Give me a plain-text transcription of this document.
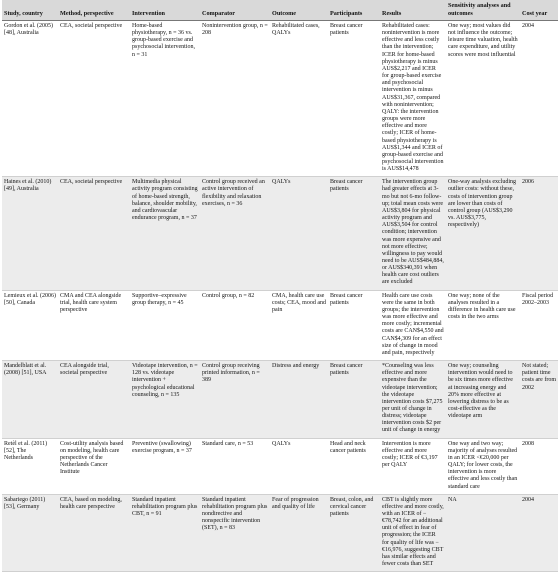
Study, country	Method, perspective	Intervention	Comparator	Outcome	Participants	Results	Sensitivity analyses and outcomes	Cost year
Gordon et al. (2005) [48], Australia	CEA, societal perspective	Home-based physiotherapy, n = 36 vs. group-based exercise and psychosocial intervention, n = 31	Nonintervention group, n = 208	Rehabilitated cases, QALYs	Breast cancer patients	Rehabilitated cases: nonintervention is more effective and less costly than the intervention; ICER for home-based physiotherapy is minus AUS$2,217 and ICER for group-based exercise and psychosocial intervention is minus AUS$31,367, compared with nonintervention; QALY: the intervention groups were more effective and more costly; ICER of home-based physiotherapy is AUS$1,344 and ICER of group-based exercise and psychosocial intervention is AUS$14,478	One way; most values did not influence the outcome; leisure time valuation, health care expenditure, and utility scores were most influential	2004
Haines et al. (2010) [49], Australia	CEA, societal perspective	Multimedia physical activity program consisting of home-based strength, balance, shoulder mobility, and cardiovascular endurance program, n = 37	Control group received an active intervention of flexibility and relaxation exercises, n = 36	QALYs	Breast cancer patients	The intervention group had greater effects at 3-mo but not 6-mo follow-up; total mean costs were AUS$3,804 for physical activity program and AUS$3,504 for control condition; intervention was more expensive and not more effective; willingness to pay would need to be AUS$484,884, or AUS$340,391 when health care cost outliers are excluded	One-way analysis excluding outlier costs: without these, costs of intervention group are lower than costs of control group (AUS$3,290 vs. AUS$3,775, respectively)	2006
Lemieux et al. (2006) [50], Canada	CMA and CEA alongside trial, health care system perspective	Supportive–expressive group therapy, n = 45	Control group, n = 82	CMA, health care use costs; CEA, mood and pain	Breast cancer patients	Health care use costs were the same in both groups; the intervention was more effective and more costly; incremental costs are CAN$4,550 and CAN$4,309 for an effect size of change in mood and pain, respectively	One way; none of the analyses resulted in a difference in health care use costs in the two arms	Fiscal period 2002–2003
Mandelblatt et al. (2008) [51], USA	CEA alongside trial, societal perspective	Videotape intervention, n = 128 vs. videotape intervention + psychological educational counseling, n = 135	Control group receiving printed information, n = 389	Distress and energy	Breast cancer patients	*Counseling was less effective and more expensive than the videotape intervention; the videotape intervention costs $7,275 per unit of change in distress; videotape intervention costs $2 per unit of change in energy	One way; counseling intervention would need to be six times more effective at increasing energy and 20% more effective at lowering distress to be as cost-effective as the videotape arm	Not stated; patient time costs are from 2002
Retèl et al. (2011) [52], The Netherlands	Cost-utility analysis based on modeling, health care perspective of the Netherlands Cancer Institute	Preventive (swallowing) exercise program, n = 37	Standard care, n = 53	QALYs	Head and neck cancer patients	Intervention is more effective and more costly; ICER of €3,197 per QALY	One way and two way; majority of analyses resulted in an ICER <€20,000 per QALY; for lower costs, the intervention is more effective and less costly than standard care	2008
Sabariego (2011) [53], Germany	CEA, based on modeling, health care perspective	Standard inpatient rehabilitation program plus CBT, n = 91	Standard inpatient rehabilitation program plus nondirective and nonspecific intervention (SET), n = 83	Fear of progression and quality of life	Breast, colon, and cervical cancer patients	CBT is slightly more effective and more costly, with an ICER of −€78,742 for an additional unit of effect in fear of progression; the ICER for quality of life was −€16,976, suggesting CBT has similar effects and fewer costs than SET	NA	2004
